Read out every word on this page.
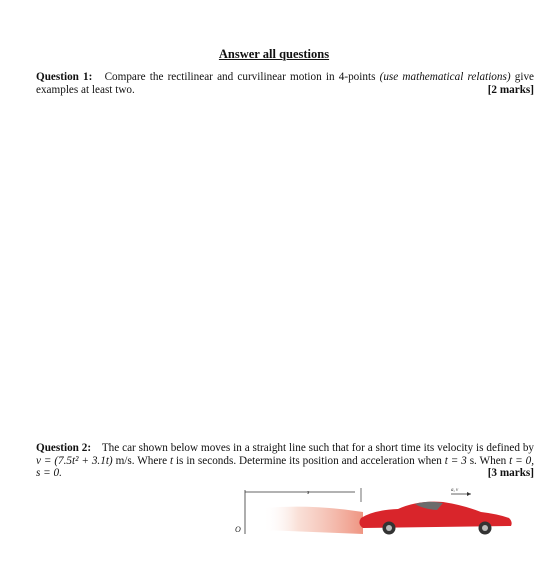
Answer all questions
Question 1: Compare the rectilinear and curvilinear motion in 4-points (use mathematical relations) give examples at least two.	[2 marks]
Question 2: The car shown below moves in a straight line such that for a short time its velocity is defined by v = (7.5t² + 3.1t) m/s. Where t is in seconds. Determine its position and acceleration when t = 3 s. When t = 0, s = 0.	[3 marks]
O
s	a, v
